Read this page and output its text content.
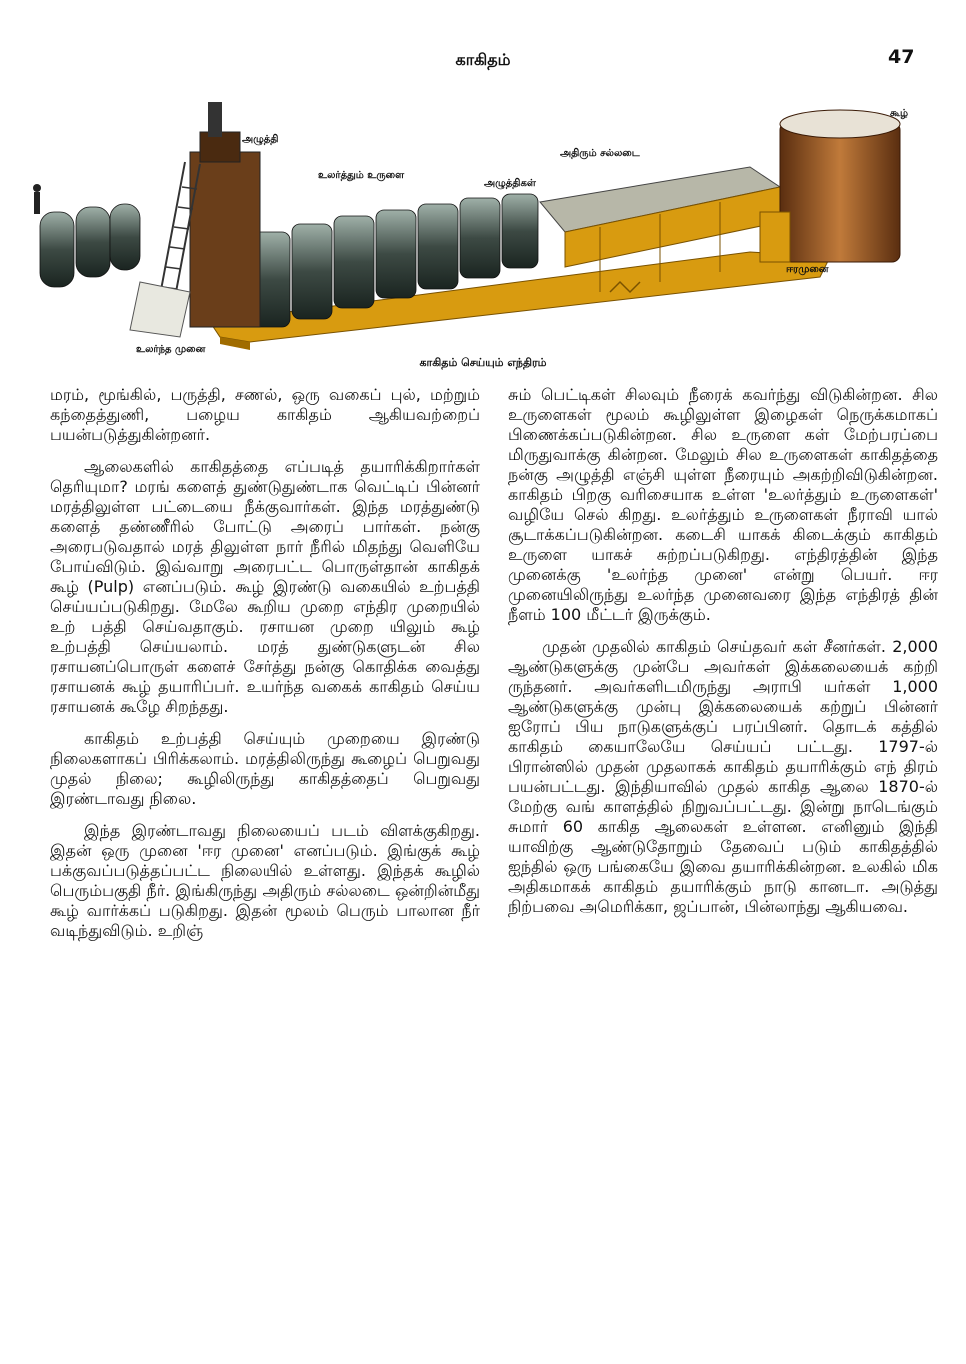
காகிதம்	47
கூழ்
அழுத்தி
உலர்த்தும் உருளை
அதிரும் சல்லடை
அழுத்திகள்
ஈரமுனை
உலர்ந்த முனை
காகிதம் செய்யும் எந்திரம்

மரம், மூங்கில், பருத்தி, சணல், ஒரு வகைப் புல், மற்றும் கந்தைத்துணி, பழைய காகிதம் ஆகியவற்றைப் பயன்படுத்துகின்றனர்.

ஆலைகளில் காகிதத்தை எப்படித் தயாரிக்கிறார்கள் தெரியுமா? மரங் களைத் துண்டுதுண்டாக வெட்டிப் பின்னர் மரத்திலுள்ள பட்டையை நீக்குவார்கள். இந்த மரத்துண்டு களைத் தண்ணீரில் போட்டு அரைப் பார்கள். நன்கு அரைபடுவதால் மரத் திலுள்ள நார் நீரில் மிதந்து வெளியே போய்விடும். இவ்வாறு அரைபட்ட பொருள்தான் காகிதக் கூழ் (Pulp) எனப்படும். கூழ் இரண்டு வகையில் உற்பத்தி செய்யப்படுகிறது. மேலே கூறிய முறை எந்திர முறையில் உற் பத்தி செய்வதாகும். ரசாயன முறை யிலும் கூழ் உற்பத்தி செய்யலாம். மரத் துண்டுகளுடன் சில ரசாயனப்பொருள் களைச் சேர்த்து நன்கு கொதிக்க வைத்து ரசாயனக் கூழ் தயாரிப்பர். உயர்ந்த வகைக் காகிதம் செய்ய ரசாயனக் கூழே சிறந்தது.

காகிதம் உற்பத்தி செய்யும் முறையை இரண்டு நிலைகளாகப் பிரிக்கலாம். மரத்திலிருந்து கூழைப் பெறுவது முதல் நிலை; கூழிலிருந்து காகிதத்தைப் பெறுவது இரண்டாவது நிலை.

இந்த இரண்டாவது நிலையைப் படம் விளக்குகிறது. இதன் ஒரு முனை 'ஈர முனை' எனப்படும். இங்குக் கூழ் பக்குவப்படுத்தப்பட்ட நிலையில் உள்ளது. இந்தக் கூழில் பெரும்பகுதி நீர். இங்கிருந்து அதிரும் சல்லடை ஒன்றின்மீது கூழ் வார்க்கப் படுகிறது. இதன் மூலம் பெரும் பாலான நீர் வடிந்துவிடும். உறிஞ்

சும் பெட்டிகள் சிலவும் நீரைக் கவர்ந்து விடுகின்றன. சில உருளைகள் மூலம் கூழிலுள்ள இழைகள் நெருக்கமாகப் பிணைக்கப்படுகின்றன. சில உருளை கள் மேற்பரப்பை மிருதுவாக்கு கின்றன. மேலும் சில உருளைகள் காகிதத்தை நன்கு அழுத்தி எஞ்சி யுள்ள நீரையும் அகற்றிவிடுகின்றன. காகிதம் பிறகு வரிசையாக உள்ள 'உலர்த்தும் உருளைகள்' வழியே செல் கிறது. உலர்த்தும் உருளைகள் நீராவி யால் சூடாக்கப்படுகின்றன. கடைசி யாகக் கிடைக்கும் காகிதம் உருளை யாகச் சுற்றப்படுகிறது. எந்திரத்தின் இந்த முனைக்கு 'உலர்ந்த முனை' என்று பெயர். ஈர முனையிலிருந்து உலர்ந்த முனைவரை இந்த எந்திரத் தின் நீளம் 100 மீட்டர் இருக்கும்.

முதன் முதலில் காகிதம் செய்தவர் கள் சீனர்கள். 2,000 ஆண்டுகளுக்கு முன்பே அவர்கள் இக்கலையைக் கற்றி ருந்தனர். அவர்களிடமிருந்து அராபி யர்கள் 1,000 ஆண்டுகளுக்கு முன்பு இக்கலையைக் கற்றுப் பின்னர் ஐரோப் பிய நாடுகளுக்குப் பரப்பினர். தொடக் கத்தில் காகிதம் கையாலேயே செய்யப் பட்டது. 1797-ல் பிரான்ஸில் முதன் முதலாகக் காகிதம் தயாரிக்கும் எந் திரம் பயன்பட்டது. இந்தியாவில் முதல் காகித ஆலை 1870-ல் மேற்கு வங் காளத்தில் நிறுவப்பட்டது. இன்று நாடெங்கும் சுமார் 60 காகித ஆலைகள் உள்ளன. எனினும் இந்தி யாவிற்கு ஆண்டுதோறும் தேவைப் படும் காகிதத்தில் ஐந்தில் ஒரு பங்கையே இவை தயாரிக்கின்றன. உலகில் மிக அதிகமாகக் காகிதம் தயாரிக்கும் நாடு கானடா. அடுத்து நிற்பவை அமெரிக்கா, ஜப்பான், பின்லாந்து ஆகியவை.
